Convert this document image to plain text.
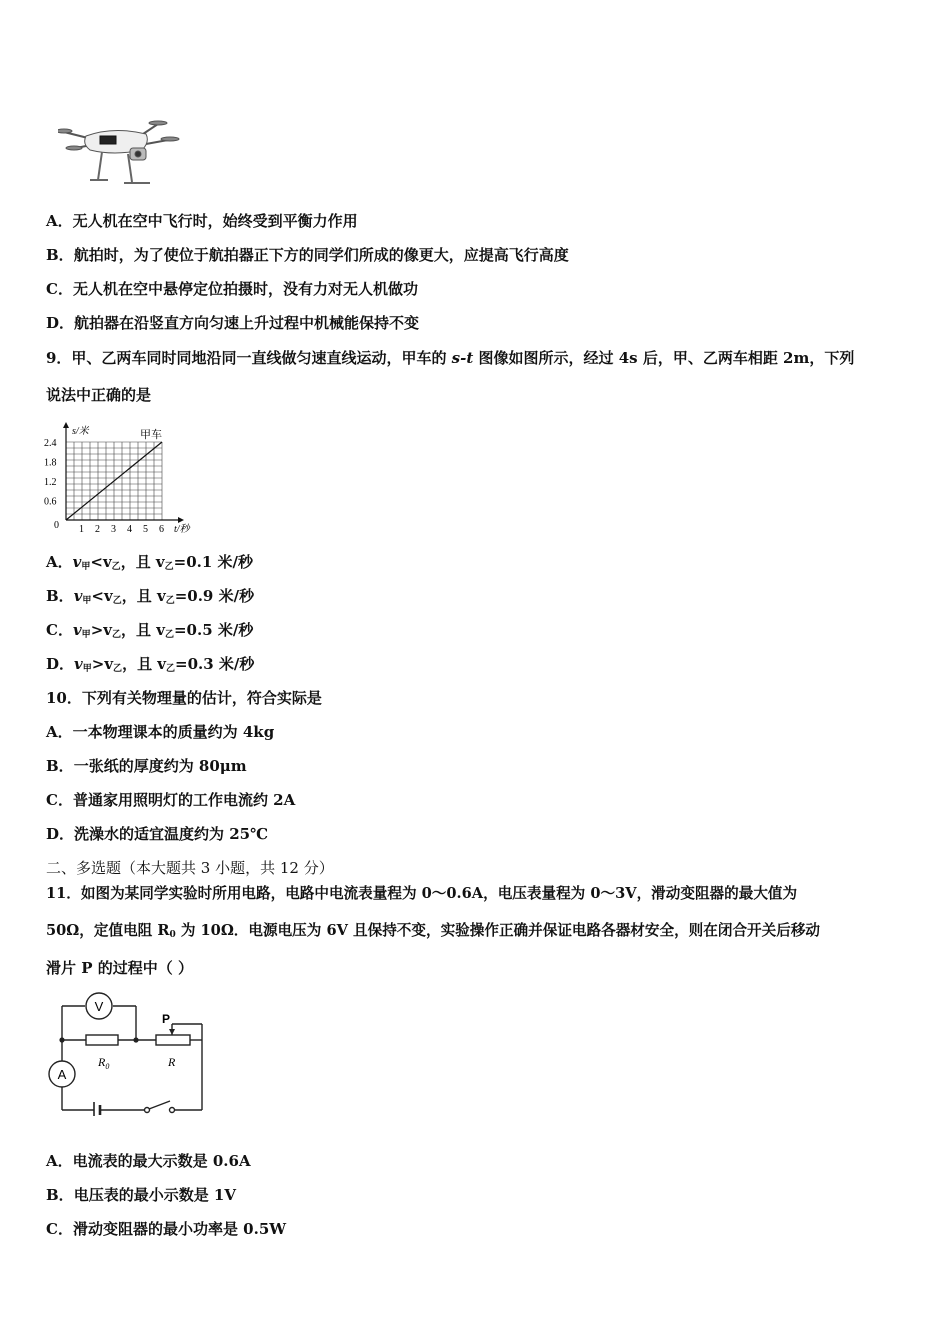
A．无人机在空中飞行时，始终受到平衡力作用
B．航拍时，为了使位于航拍器正下方的同学们所成的像更大，应提高飞行高度
C．无人机在空中悬停定位拍摄时，没有力对无人机做功
D．航拍器在沿竖直方向匀速上升过程中机械能保持不变
9．甲、乙两车同时同地沿同一直线做匀速直线运动，甲车的 s-t 图像如图所示，经过 4s 后，甲、乙两车相距 2m，下列
说法中正确的是
甲车
1 2 3 4 5 6
0.6
1.2
1.8
2.4
0	t/秒
s/米
A．$v_甲<v_乙$，且 $v_乙=0.1$ 米/秒
B．$v_甲<v_乙$，且 $v_乙=0.9$ 米/秒
C．$v_甲>v_乙$，且 $v_乙=0.5$ 米/秒
D．$v_甲>v_乙$，且 $v_乙=0.3$ 米/秒
10．下列有关物理量的估计，符合实际是
A．一本物理课本的质量约为 4kg
B．一张纸的厚度约为 80μm
C．普通家用照明灯的工作电流约 2A
D．洗澡水的适宜温度约为 25℃
二、多选题（本大题共 3 小题，共 12 分）
11．如图为某同学实验时所用电路，电路中电流表量程为 0～0.6A，电压表量程为 0～3V，滑动变阻器的最大值为
50Ω，定值电阻 $R_0$ 为 10Ω．电源电压为 6V 且保持不变，实验操作正确并保证电路各器材安全，则在闭合开关后移动
滑片 P 的过程中（ ）
V
A
P
$R_0$	R
A．电流表的最大示数是 0.6A
B．电压表的最小示数是 1V
C．滑动变阻器的最小功率是 0.5W
